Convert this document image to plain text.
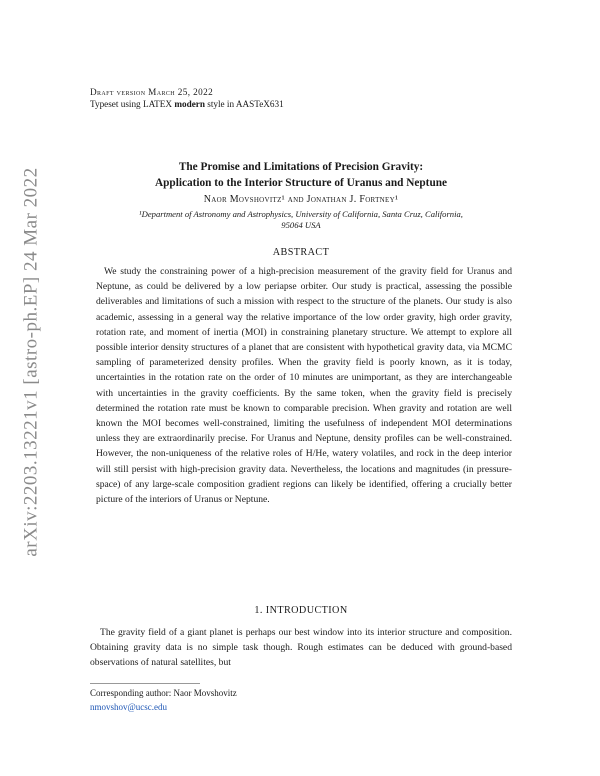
arXiv:2203.13221v1 [astro-ph.EP] 24 Mar 2022
Draft version March 25, 2022
Typeset using LATEX modern style in AASTeX631
The Promise and Limitations of Precision Gravity:
Application to the Interior Structure of Uranus and Neptune
Naor Movshovitz¹ and Jonathan J. Fortney¹
¹Department of Astronomy and Astrophysics, University of California, Santa Cruz, California,
95064 USA
ABSTRACT

We study the constraining power of a high-precision measurement of the gravity field for Uranus and Neptune, as could be delivered by a low periapse orbiter. Our study is practical, assessing the possible deliverables and limitations of such a mission with respect to the structure of the planets. Our study is also academic, assessing in a general way the relative importance of the low order gravity, high order gravity, rotation rate, and moment of inertia (MOI) in constraining planetary structure. We attempt to explore all possible interior density structures of a planet that are consistent with hypothetical gravity data, via MCMC sampling of parameterized density profiles. When the gravity field is poorly known, as it is today, uncertainties in the rotation rate on the order of 10 minutes are unimportant, as they are interchangeable with uncertainties in the gravity coefficients. By the same token, when the gravity field is precisely determined the rotation rate must be known to comparable precision. When gravity and rotation are well known the MOI becomes well-constrained, limiting the usefulness of independent MOI determinations unless they are extraordinarily precise. For Uranus and Neptune, density profiles can be well-constrained. However, the non-uniqueness of the relative roles of H/He, watery volatiles, and rock in the deep interior will still persist with high-precision gravity data. Nevertheless, the locations and magnitudes (in pressure-space) of any large-scale composition gradient regions can likely be identified, offering a crucially better picture of the interiors of Uranus or Neptune.

1. INTRODUCTION

The gravity field of a giant planet is perhaps our best window into its interior structure and composition. Obtaining gravity data is no simple task though. Rough estimates can be deduced with ground-based observations of natural satellites, but

Corresponding author: Naor Movshovitz
nmovshov@ucsc.edu
